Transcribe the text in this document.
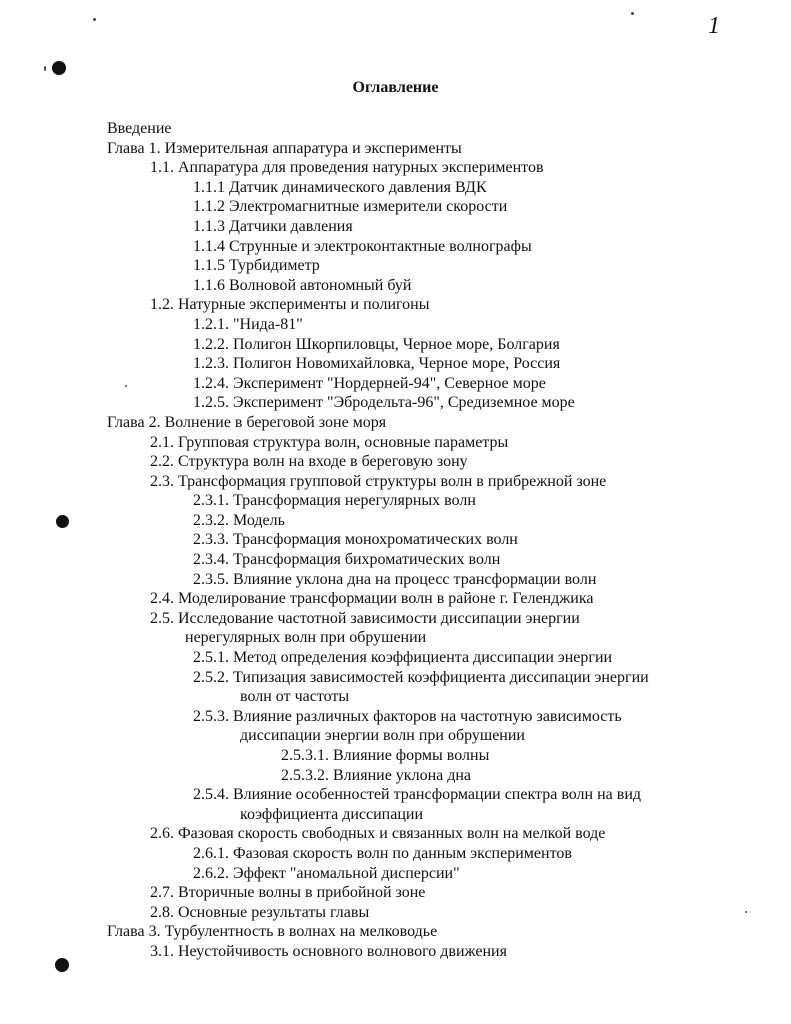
1
Оглавление
Введение
Глава 1. Измерительная аппаратура и эксперименты
1.1. Аппаратура для проведения натурных экспериментов
1.1.1 Датчик динамического давления ВДК
1.1.2 Электромагнитные измерители скорости
1.1.3 Датчики давления
1.1.4 Струнные и электроконтактные волнографы
1.1.5 Турбидиметр
1.1.6 Волновой автономный буй
1.2. Натурные эксперименты и полигоны
1.2.1. "Нида-81"
1.2.2. Полигон Шкорпиловцы, Черное море, Болгария
1.2.3. Полигон Новомихайловка, Черное море, Россия
1.2.4. Эксперимент "Нордерней-94", Северное море
1.2.5. Эксперимент "Эбродельта-96", Средиземное море
Глава 2. Волнение в береговой зоне моря
2.1. Групповая структура волн, основные параметры
2.2. Структура волн на входе в береговую зону
2.3. Трансформация групповой структуры волн в прибрежной зоне
2.3.1. Трансформация нерегулярных волн
2.3.2. Модель
2.3.3. Трансформация монохроматических волн
2.3.4. Трансформация бихроматических волн
2.3.5. Влияние уклона дна на процесс трансформации волн
2.4. Моделирование трансформации волн в районе г. Геленджика
2.5. Исследование частотной зависимости диссипации энергии
нерегулярных волн при обрушении
2.5.1. Метод определения коэффициента диссипации энергии
2.5.2. Типизация зависимостей коэффициента диссипации энергии
волн от частоты
2.5.3. Влияние различных факторов на частотную зависимость
диссипации энергии волн при обрушении
2.5.3.1. Влияние формы волны
2.5.3.2. Влияние уклона дна
2.5.4. Влияние особенностей трансформации спектра волн на вид
коэффициента диссипации
2.6. Фазовая скорость свободных и связанных волн на мелкой воде
2.6.1. Фазовая скорость волн по данным экспериментов
2.6.2. Эффект "аномальной дисперсии"
2.7. Вторичные волны в прибойной зоне
2.8. Основные результаты главы
Глава 3. Турбулентность в волнах на мелководье
3.1. Неустойчивость основного волнового движения
